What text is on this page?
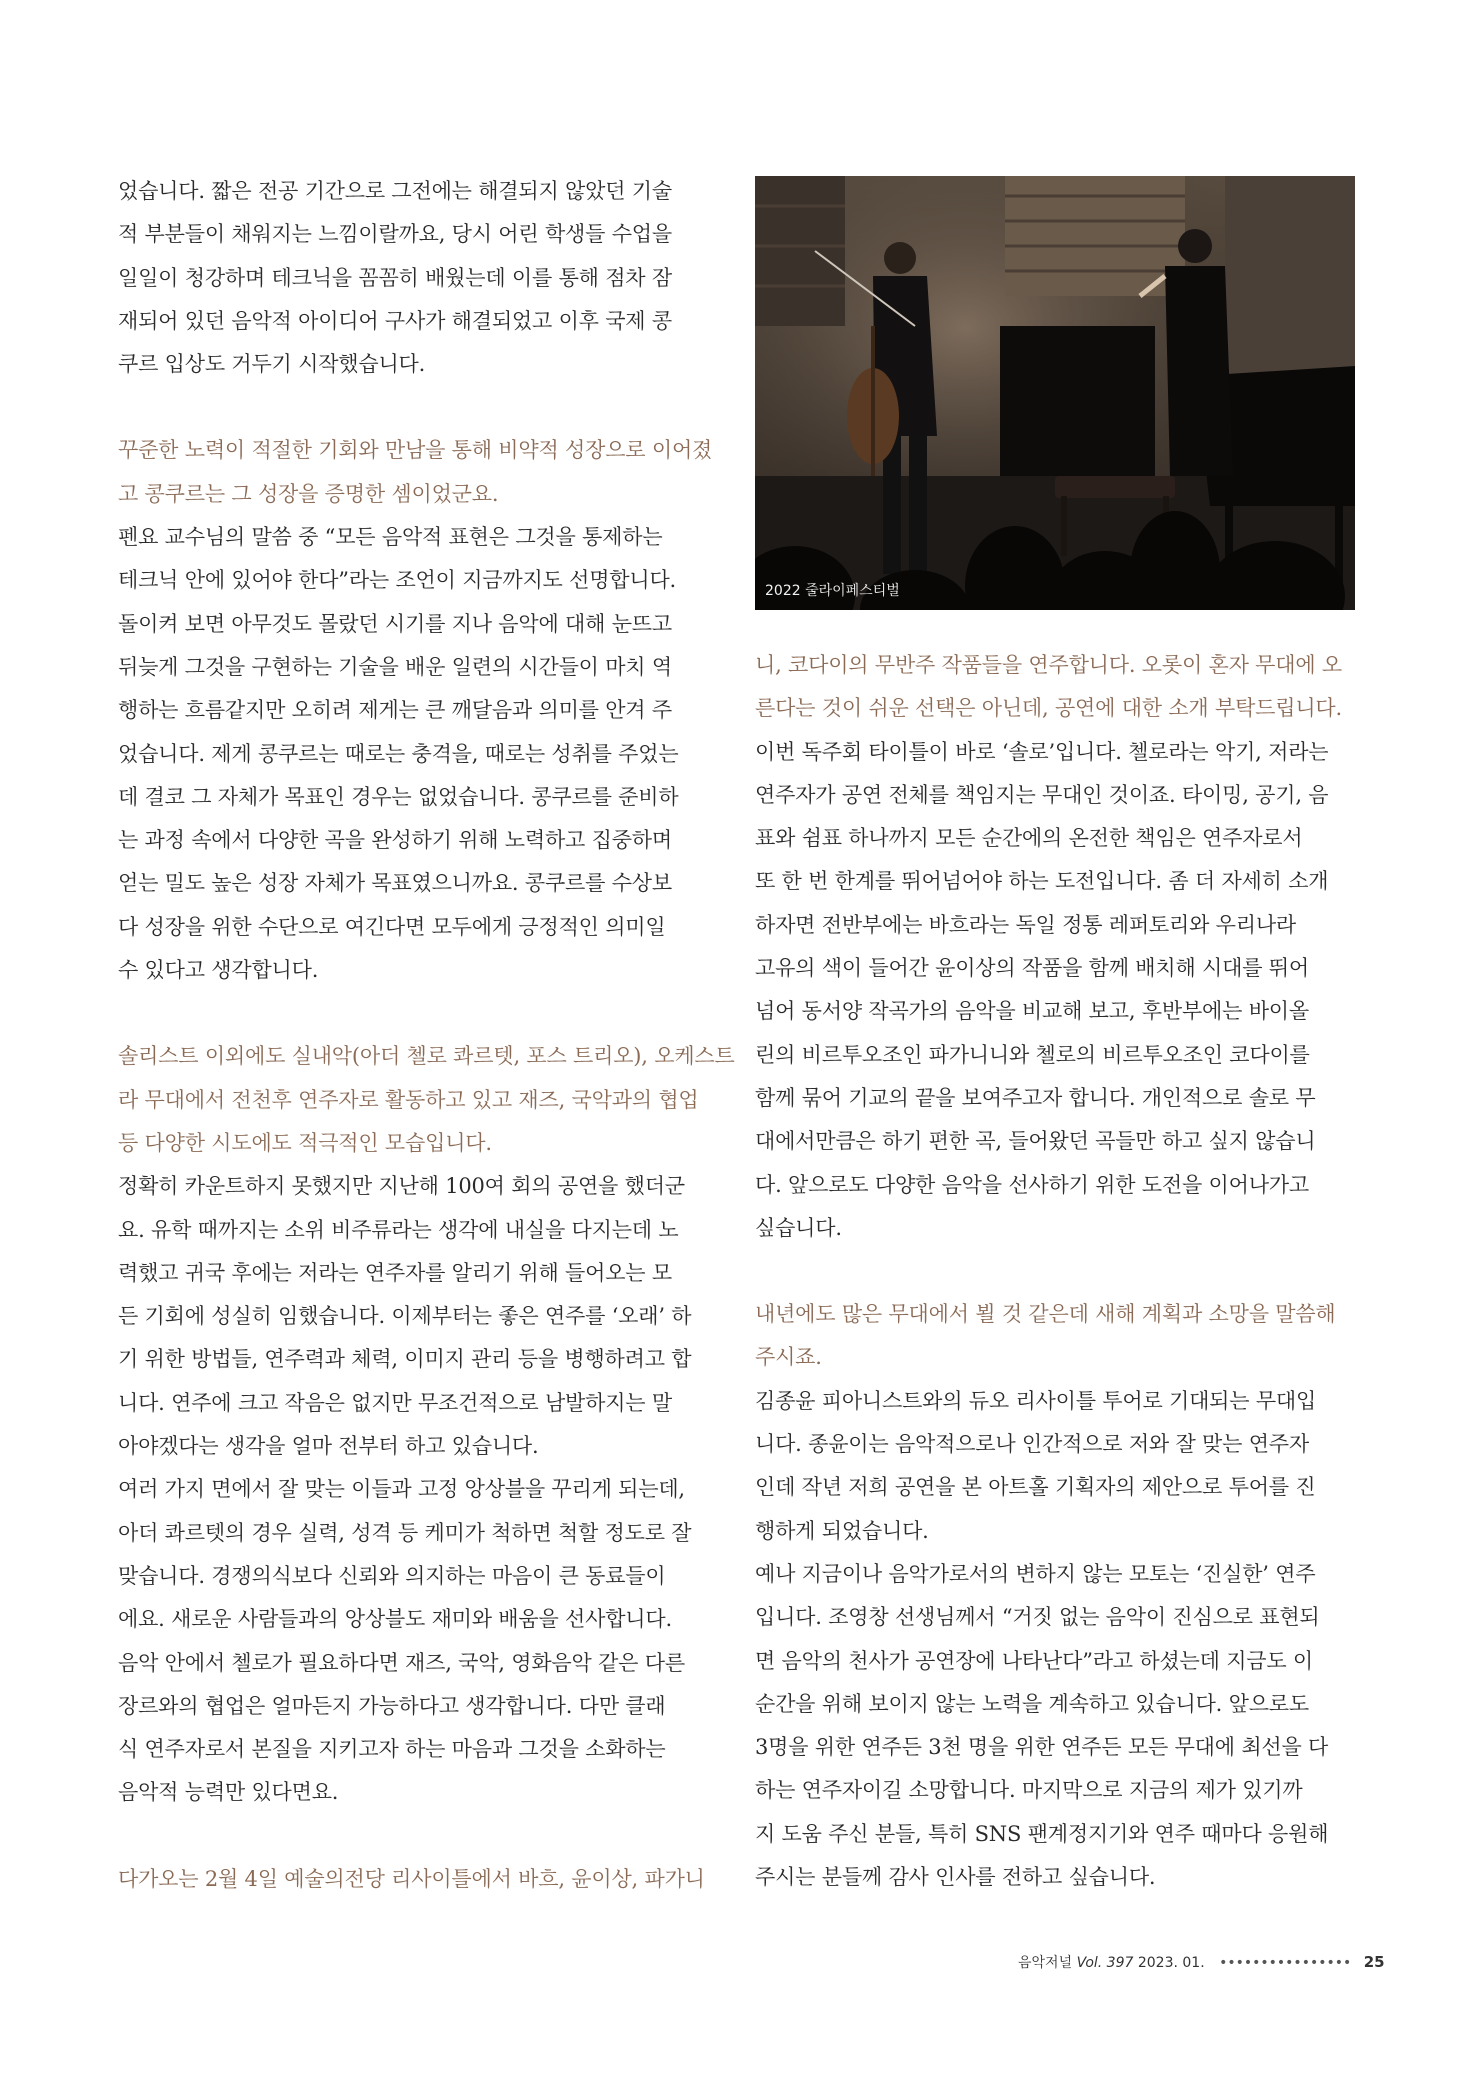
었습니다. 짧은 전공 기간으로 그전에는 해결되지 않았던 기술
적 부분들이 채워지는 느낌이랄까요, 당시 어린 학생들 수업을
일일이 청강하며 테크닉을 꼼꼼히 배웠는데 이를 통해 점차 잠
재되어 있던 음악적 아이디어 구사가 해결되었고 이후 국제 콩
쿠르 입상도 거두기 시작했습니다.
꾸준한 노력이 적절한 기회와 만남을 통해 비약적 성장으로 이어졌
고 콩쿠르는 그 성장을 증명한 셈이었군요.
펜요 교수님의 말씀 중 “모든 음악적 표현은 그것을 통제하는
테크닉 안에 있어야 한다”라는 조언이 지금까지도 선명합니다.
돌이켜 보면 아무것도 몰랐던 시기를 지나 음악에 대해 눈뜨고
뒤늦게 그것을 구현하는 기술을 배운 일련의 시간들이 마치 역
행하는 흐름같지만 오히려 제게는 큰 깨달음과 의미를 안겨 주
었습니다. 제게 콩쿠르는 때로는 충격을, 때로는 성취를 주었는
데 결코 그 자체가 목표인 경우는 없었습니다. 콩쿠르를 준비하
는 과정 속에서 다양한 곡을 완성하기 위해 노력하고 집중하며
얻는 밀도 높은 성장 자체가 목표였으니까요. 콩쿠르를 수상보
다 성장을 위한 수단으로 여긴다면 모두에게 긍정적인 의미일
수 있다고 생각합니다.
솔리스트 이외에도 실내악(아더 첼로 콰르텟, 포스 트리오), 오케스트
라 무대에서 전천후 연주자로 활동하고 있고 재즈, 국악과의 협업
등 다양한 시도에도 적극적인 모습입니다.
정확히 카운트하지 못했지만 지난해 100여 회의 공연을 했더군
요. 유학 때까지는 소위 비주류라는 생각에 내실을 다지는데 노
력했고 귀국 후에는 저라는 연주자를 알리기 위해 들어오는 모
든 기회에 성실히 임했습니다. 이제부터는 좋은 연주를 ‘오래’ 하
기 위한 방법들, 연주력과 체력, 이미지 관리 등을 병행하려고 합
니다. 연주에 크고 작음은 없지만 무조건적으로 남발하지는 말
아야겠다는 생각을 얼마 전부터 하고 있습니다.
여러 가지 면에서 잘 맞는 이들과 고정 앙상블을 꾸리게 되는데,
아더 콰르텟의 경우 실력, 성격 등 케미가 척하면 척할 정도로 잘
맞습니다. 경쟁의식보다 신뢰와 의지하는 마음이 큰 동료들이
에요. 새로운 사람들과의 앙상블도 재미와 배움을 선사합니다.
음악 안에서 첼로가 필요하다면 재즈, 국악, 영화음악 같은 다른
장르와의 협업은 얼마든지 가능하다고 생각합니다. 다만 클래
식 연주자로서 본질을 지키고자 하는 마음과 그것을 소화하는
음악적 능력만 있다면요.
다가오는 2월 4일 예술의전당 리사이틀에서 바흐, 윤이상, 파가니
2022 줄라이페스티벌
니, 코다이의 무반주 작품들을 연주합니다. 오롯이 혼자 무대에 오
른다는 것이 쉬운 선택은 아닌데, 공연에 대한 소개 부탁드립니다.
이번 독주회 타이틀이 바로 ‘솔로’입니다. 첼로라는 악기, 저라는
연주자가 공연 전체를 책임지는 무대인 것이죠. 타이밍, 공기, 음
표와 쉼표 하나까지 모든 순간에의 온전한 책임은 연주자로서
또 한 번 한계를 뛰어넘어야 하는 도전입니다. 좀 더 자세히 소개
하자면 전반부에는 바흐라는 독일 정통 레퍼토리와 우리나라
고유의 색이 들어간 윤이상의 작품을 함께 배치해 시대를 뛰어
넘어 동서양 작곡가의 음악을 비교해 보고, 후반부에는 바이올
린의 비르투오조인 파가니니와 첼로의 비르투오조인 코다이를
함께 묶어 기교의 끝을 보여주고자 합니다. 개인적으로 솔로 무
대에서만큼은 하기 편한 곡, 들어왔던 곡들만 하고 싶지 않습니
다. 앞으로도 다양한 음악을 선사하기 위한 도전을 이어나가고
싶습니다.
내년에도 많은 무대에서 뵐 것 같은데 새해 계획과 소망을 말씀해
주시죠.
김종윤 피아니스트와의 듀오 리사이틀 투어로 기대되는 무대입
니다. 종윤이는 음악적으로나 인간적으로 저와 잘 맞는 연주자
인데 작년 저희 공연을 본 아트홀 기획자의 제안으로 투어를 진
행하게 되었습니다.
예나 지금이나 음악가로서의 변하지 않는 모토는 ‘진실한’ 연주
입니다. 조영창 선생님께서 “거짓 없는 음악이 진심으로 표현되
면 음악의 천사가 공연장에 나타난다”라고 하셨는데 지금도 이
순간을 위해 보이지 않는 노력을 계속하고 있습니다. 앞으로도
3명을 위한 연주든 3천 명을 위한 연주든 모든 무대에 최선을 다
하는 연주자이길 소망합니다. 마지막으로 지금의 제가 있기까
지 도움 주신 분들, 특히 SNS 팬계정지기와 연주 때마다 응원해
주시는 분들께 감사 인사를 전하고 싶습니다.
음악저널 Vol. 397 2023. 01. •••••••••••••••• 25
